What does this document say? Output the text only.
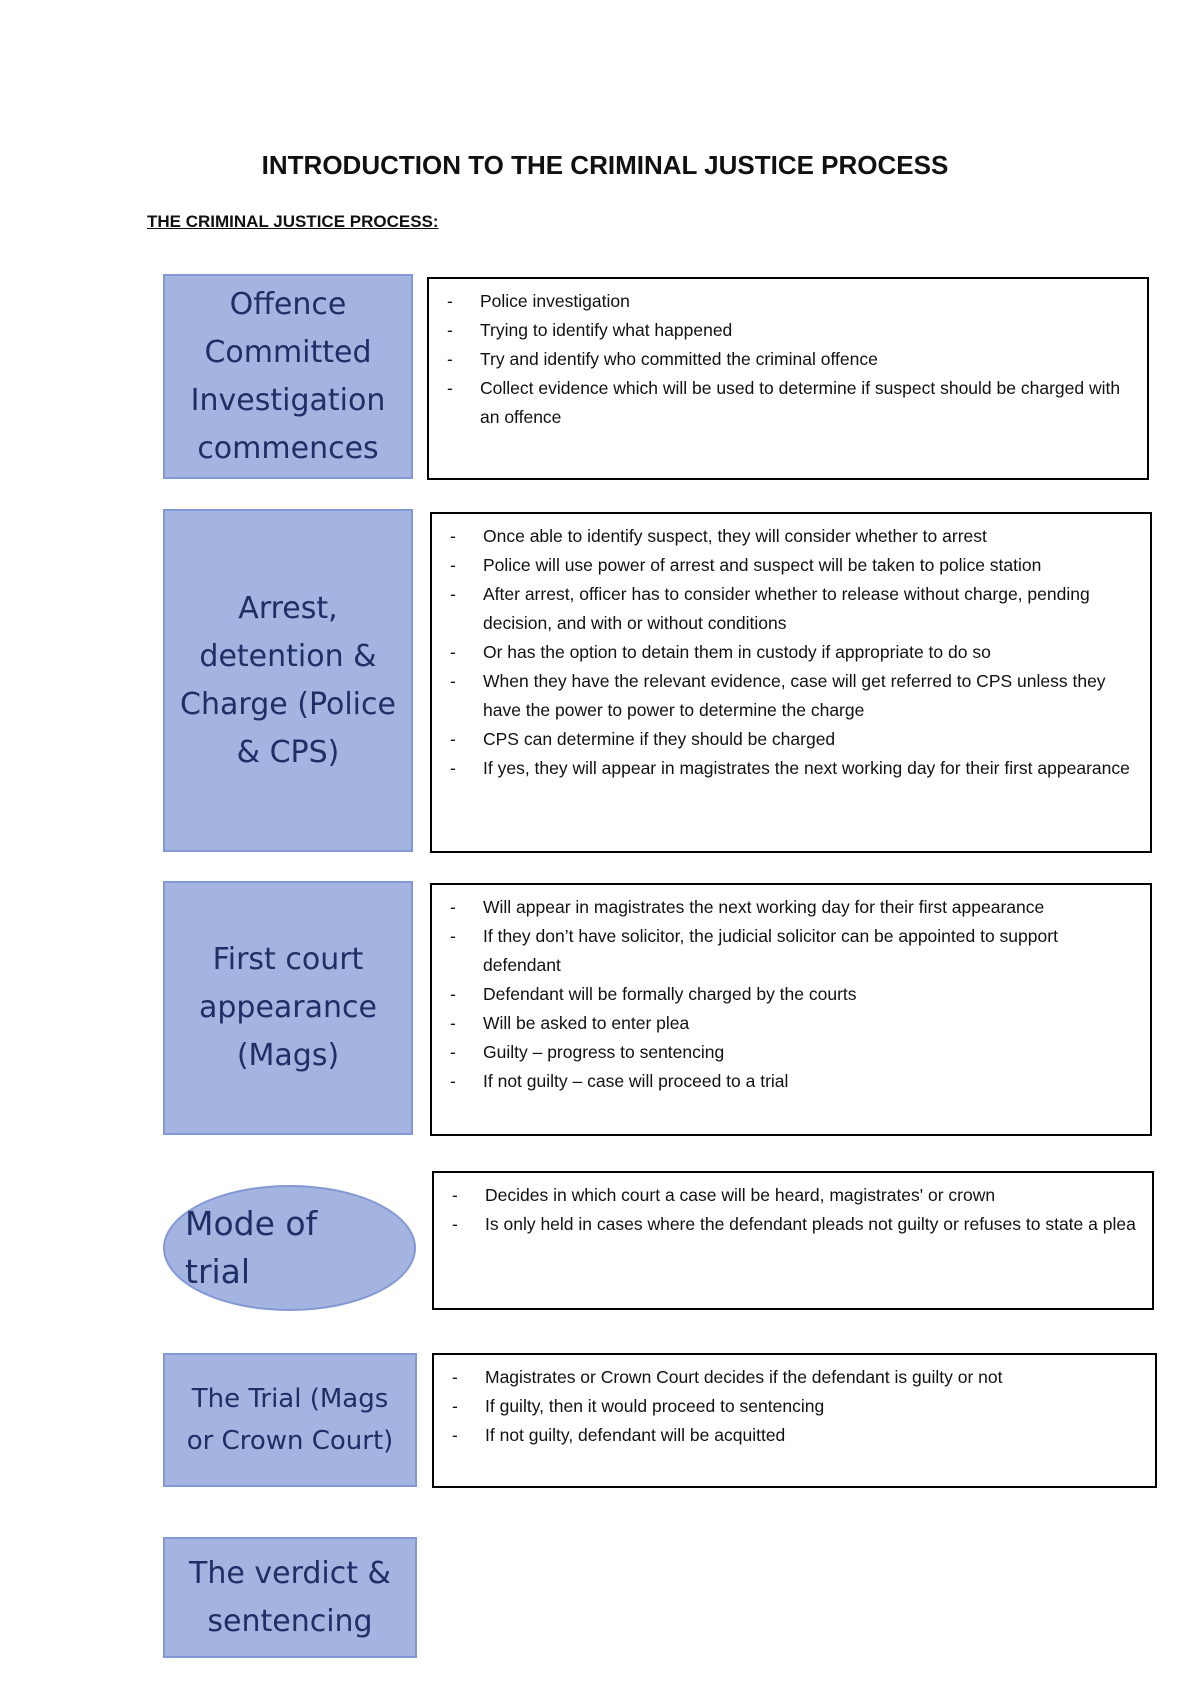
INTRODUCTION TO THE CRIMINAL JUSTICE PROCESS
THE CRIMINAL JUSTICE PROCESS:
Offence Committed Investigation commences
- Police investigation
- Trying to identify what happened
- Try and identify who committed the criminal offence
- Collect evidence which will be used to determine if suspect should be charged with an offence
Arrest, detention & Charge (Police & CPS)
- Once able to identify suspect, they will consider whether to arrest
- Police will use power of arrest and suspect will be taken to police station
- After arrest, officer has to consider whether to release without charge, pending decision, and with or without conditions
- Or has the option to detain them in custody if appropriate to do so
- When they have the relevant evidence, case will get referred to CPS unless they have the power to power to determine the charge
- CPS can determine if they should be charged
- If yes, they will appear in magistrates the next working day for their first appearance
First court appearance (Mags)
- Will appear in magistrates the next working day for their first appearance
- If they don’t have solicitor, the judicial solicitor can be appointed to support defendant
- Defendant will be formally charged by the courts
- Will be asked to enter plea
- Guilty – progress to sentencing
- If not guilty – case will proceed to a trial
Mode of trial
- Decides in which court a case will be heard, magistrates' or crown
- Is only held in cases where the defendant pleads not guilty or refuses to state a plea
The Trial (Mags or Crown Court)
- Magistrates or Crown Court decides if the defendant is guilty or not
- If guilty, then it would proceed to sentencing
- If not guilty, defendant will be acquitted
The verdict & sentencing
